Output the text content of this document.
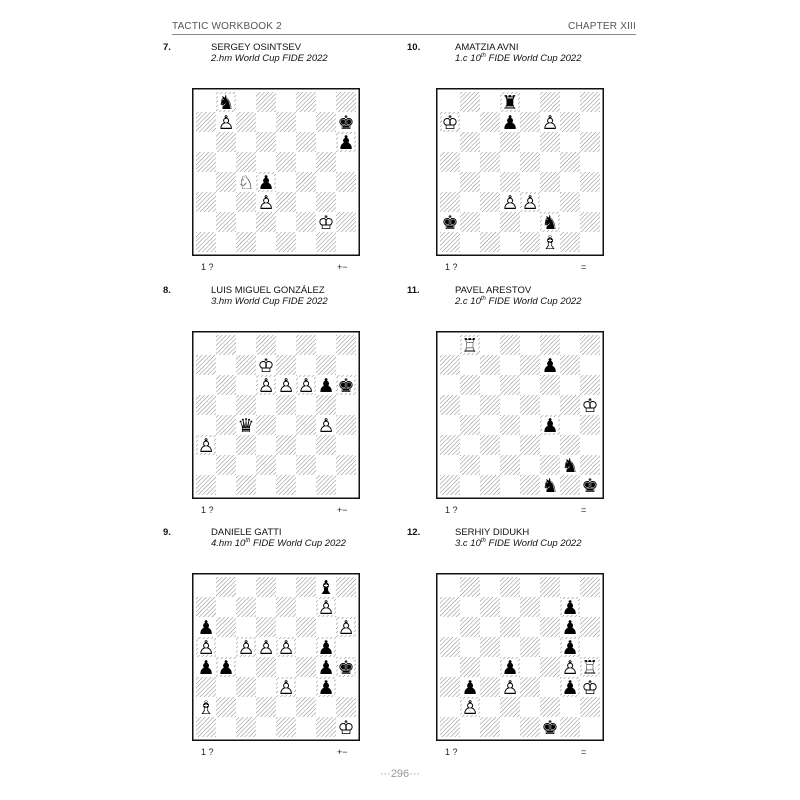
TACTIC WORKBOOK 2	CHAPTER XIII
7.	SERGEY OSINTSEV
2.hm World Cup FIDE 2022
♞
♙	♚
♟
♘ ♟
♙
♔
1 ?	+−
10.	AMATZIA AVNI
1.c 10th FIDE World Cup 2022
♜
♔ ♟ ♙
♙ ♙
♚	♞
♗
1 ?	=
8.	LUIS MIGUEL GONZÁLEZ
3.hm World Cup FIDE 2022
♔
♙ ♙ ♙ ♟ ♚
♛	♙
♙
1 ?	+−
11.	PAVEL ARESTOV
2.c 10th FIDE World Cup 2022
♖
♟
♔
♟
♞
♞ ♚
1 ?	=
9.	DANIELE GATTI
4.hm 10th FIDE World Cup 2022
♝
♙
♟	♙
♙ ♙ ♙ ♙ ♟
♟ ♟	♟ ♚
♙ ♟
♗
♔
1 ?	+−
12.	SERHIY DIDUKH
3.c 10th FIDE World Cup 2022
♟
♟
♟
♙ ♖
♟
♟ ♙ ♟ ♔
♙
♚
1 ?	=
···296···
